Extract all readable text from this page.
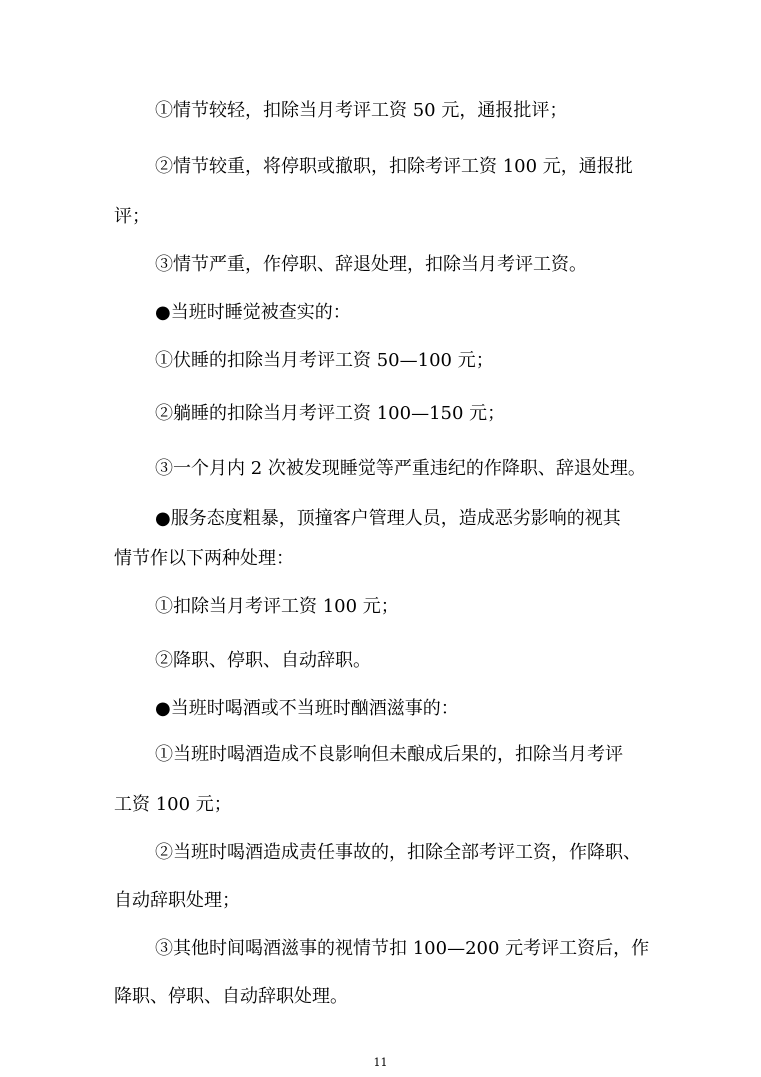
①情节较轻，扣除当月考评工资 50 元，通报批评；
②情节较重，将停职或撤职，扣除考评工资 100 元，通报批
评；
③情节严重，作停职、辞退处理，扣除当月考评工资。
●当班时睡觉被查实的：
①伏睡的扣除当月考评工资 50—100 元；
②躺睡的扣除当月考评工资 100—150 元；
③一个月内 2 次被发现睡觉等严重违纪的作降职、辞退处理。
●服务态度粗暴，顶撞客户管理人员，造成恶劣影响的视其
情节作以下两种处理：
①扣除当月考评工资 100 元；
②降职、停职、自动辞职。
●当班时喝酒或不当班时酗酒滋事的：
①当班时喝酒造成不良影响但未酿成后果的，扣除当月考评
工资 100 元；
②当班时喝酒造成责任事故的，扣除全部考评工资，作降职、
自动辞职处理；
③其他时间喝酒滋事的视情节扣 100—200 元考评工资后，作
降职、停职、自动辞职处理。
11
